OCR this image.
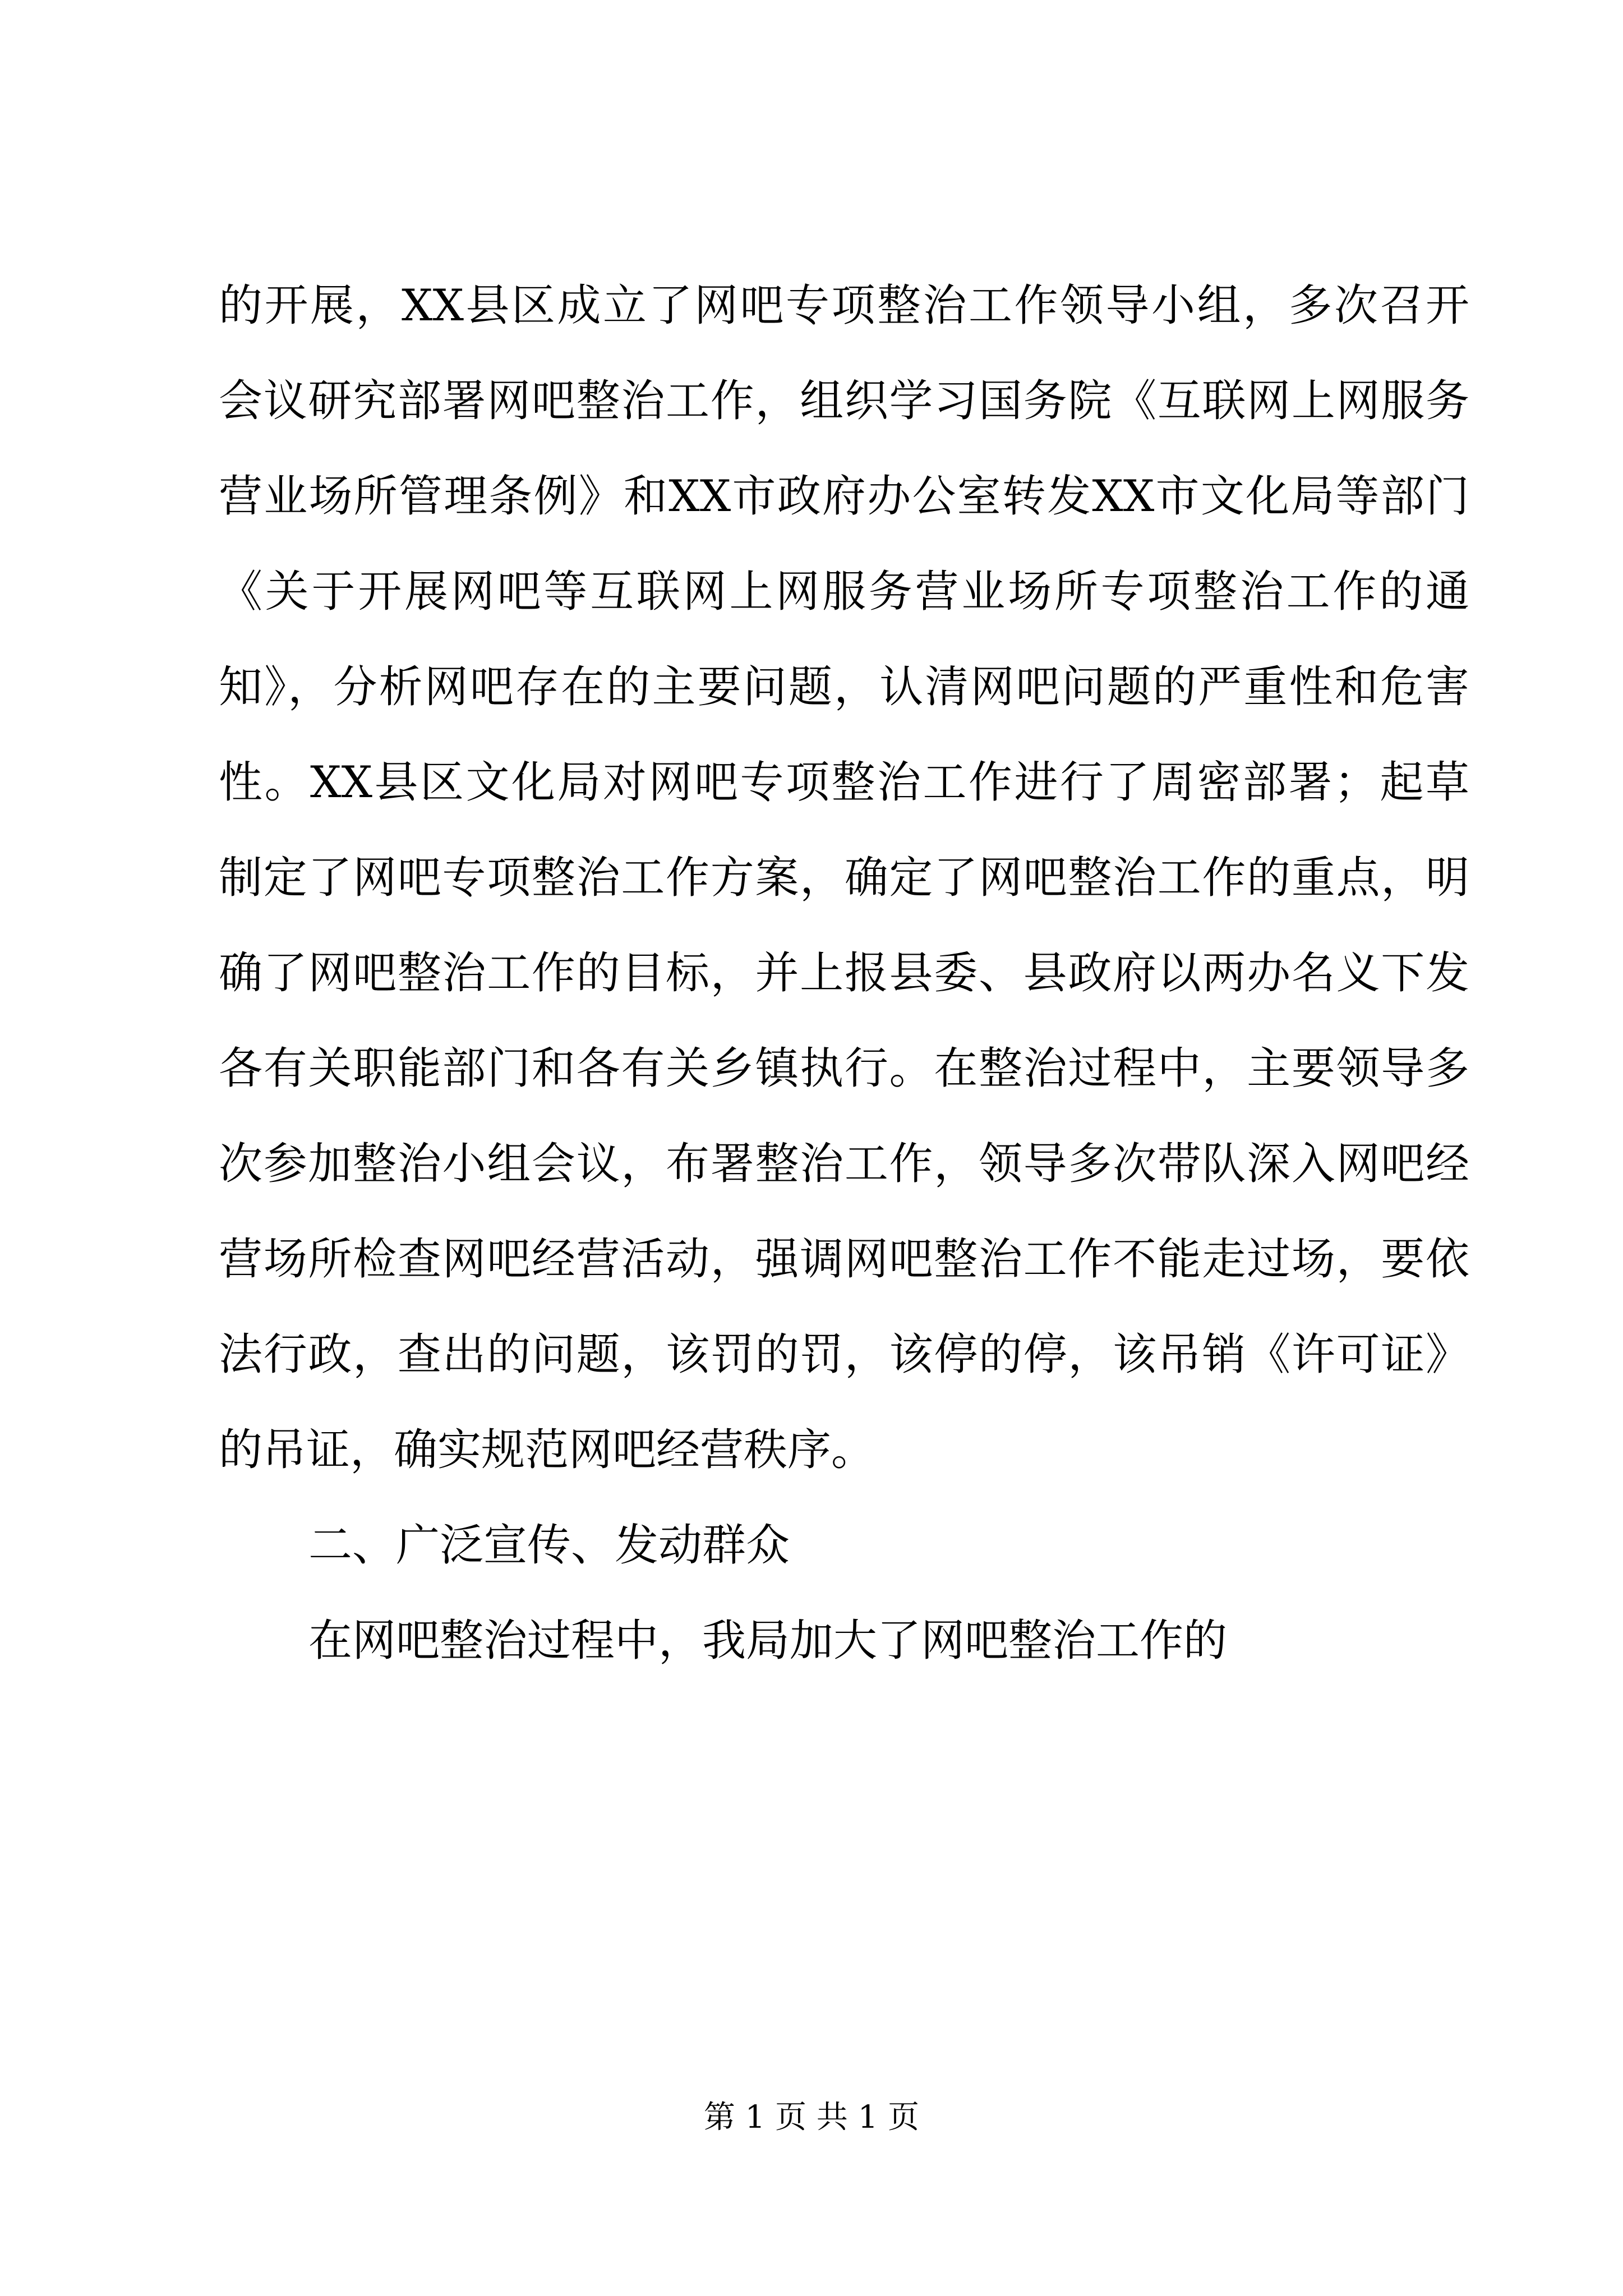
的开展，XX县区成立了网吧专项整治工作领导小组，多次召开
会议研究部署网吧整治工作，组织学习国务院《互联网上网服务
营业场所管理条例》和XX市政府办公室转发XX市文化局等部门
《关于开展网吧等互联网上网服务营业场所专项整治工作的通
知》，分析网吧存在的主要问题，认清网吧问题的严重性和危害
性。XX县区文化局对网吧专项整治工作进行了周密部署；起草
制定了网吧专项整治工作方案，确定了网吧整治工作的重点，明
确了网吧整治工作的目标，并上报县委、县政府以两办名义下发
各有关职能部门和各有关乡镇执行。在整治过程中，主要领导多
次参加整治小组会议，布署整治工作，领导多次带队深入网吧经
营场所检查网吧经营活动，强调网吧整治工作不能走过场，要依
法行政，查出的问题，该罚的罚，该停的停，该吊销《许可证》
的吊证，确实规范网吧经营秩序。
二、广泛宣传、发动群众
在网吧整治过程中，我局加大了网吧整治工作的
第 1 页 共 1 页
